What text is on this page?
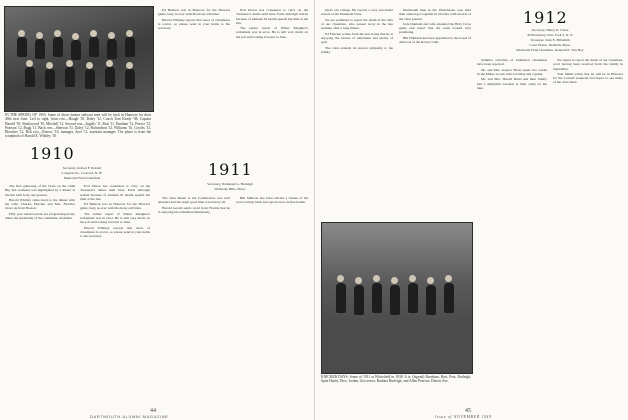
IN THE SPRING OF 1910: Some of those former stalwart men will be back in Hanover for their 40th next June. Left to right, front row—Hough '10, Daley '12, Coach Tom Keady '08, Captain Harold '10; Shadywood '10, Mitchell '12. Second row—Ingalls '11, Burt '11, Dunham '12, Peaver '13, Pearson '12, Bugg '11. Back row—Sherwin '11, Daley '12, Richardson '12. Williams '10, Cowles '13, Bleacher '12. Rob row—Farrow '10, manager, Ayer '11, assistant manager. The photo is from the scrapbook of Harold E. Whitley '10.
1910
Secretary, Robert F. Petretti
Congress St., Concord, N. H.
Memorial Fund Chairman

The first gathering of the Class on the 1949 Big Ten weekend was highlighted by a dinner at the Inn with forty-one present.

Harold Whitley came down to the dinner with his wife; Charles Fletcher and Mrs. Fletcher drove up from Boston.

Fifty year reunion plans are progressing nicely under the leadership of the committee chairman.

Earl Pierce has consented to carry on the Treasurer's duties until June. Earle although retired because of eminent ill health spends his time at the Inn.

Ed Bullock was in Hanover for the Harvard game, busy as ever with his many activities.

The earlier report of Walter Meagher's retirement was in error. He is still very much on the job and looking forward to June.

Harold Whitney reports that news of classmates is scarce, so please send in your items to the secretary.

Ed Bullock was in Hanover for the Harvard game, busy as ever with his many activities.

Harold Whitney reports that news of classmates is scarce, so please send in your items to the secretary.

Earl Pierce has consented to carry on the Treasurer's duties until June. Earle although retired because of eminent ill health spends his time at the Inn.

The earlier report of Walter Meagher's retirement was in error. He is still very much on the job and looking forward to June.

1911
Secretary, Nathaniel G. Burleigh
Wellesley Hills, Mass.

The class dinner at the Commodore was well attended and the usual good time was had by all.

Harold Gerald sends word from Florida that he is enjoying his retirement immensely.

Bill Sullivan has been elected a trustee of his local savings bank and reports he is in fine health.

44
DARTMOUTH ALUMNI MAGAZINE

Dad's old college. He reports a very successful season at the Mountain View.

We are saddened to report the death of the wife of our classmate, who passed away in the late summer after a long illness.

Ed Fletcher writes from his new home that he is enjoying the leisure of retirement and plenty of golf.

The class extends its sincere sympathy to the family.

Dartmouth men in the Westchester area held their annual get-together in October with several of the class present.

Jack Dunham and wife attended the Holy Cross game and report that the team looked very promising.

Bill Fishback has been appointed to the board of directors of the Rotary Club.

KNICKER DAYS: Some of 1911 at Whitefield in 1938. It is: (legend) Burnham, Burt, Peat, Burleigh, Spite Hardy, Dow, Jordan, Grosvenor, Barbara Burleigh, and Allen Pearson. Detroit Ave.
1912
Secretary, Henry K. Urion
49 Broadway, New York 5, N. Y.
Treasurer, John E. Hillsmith
Court House, Dedham, Mass.
Memorial Fund Chairman, Kenneth E. Van Hoy

Summer activities of additional classmates have been reported.

Mr. and Mrs. Gaynor Bross spent two weeks in the Maine woods with son Dick and a guide.

Mr. and Mrs. Harold Rudd and their family had a delightful vacation at their camp on the lake.

We regret to report the death of our classmate, word having been received from his family in September.

Tom Smith writes that he will be in Hanover for the Cornell weekend and hopes to see many of the class there.

45
Issue of NOVEMBER 1949
